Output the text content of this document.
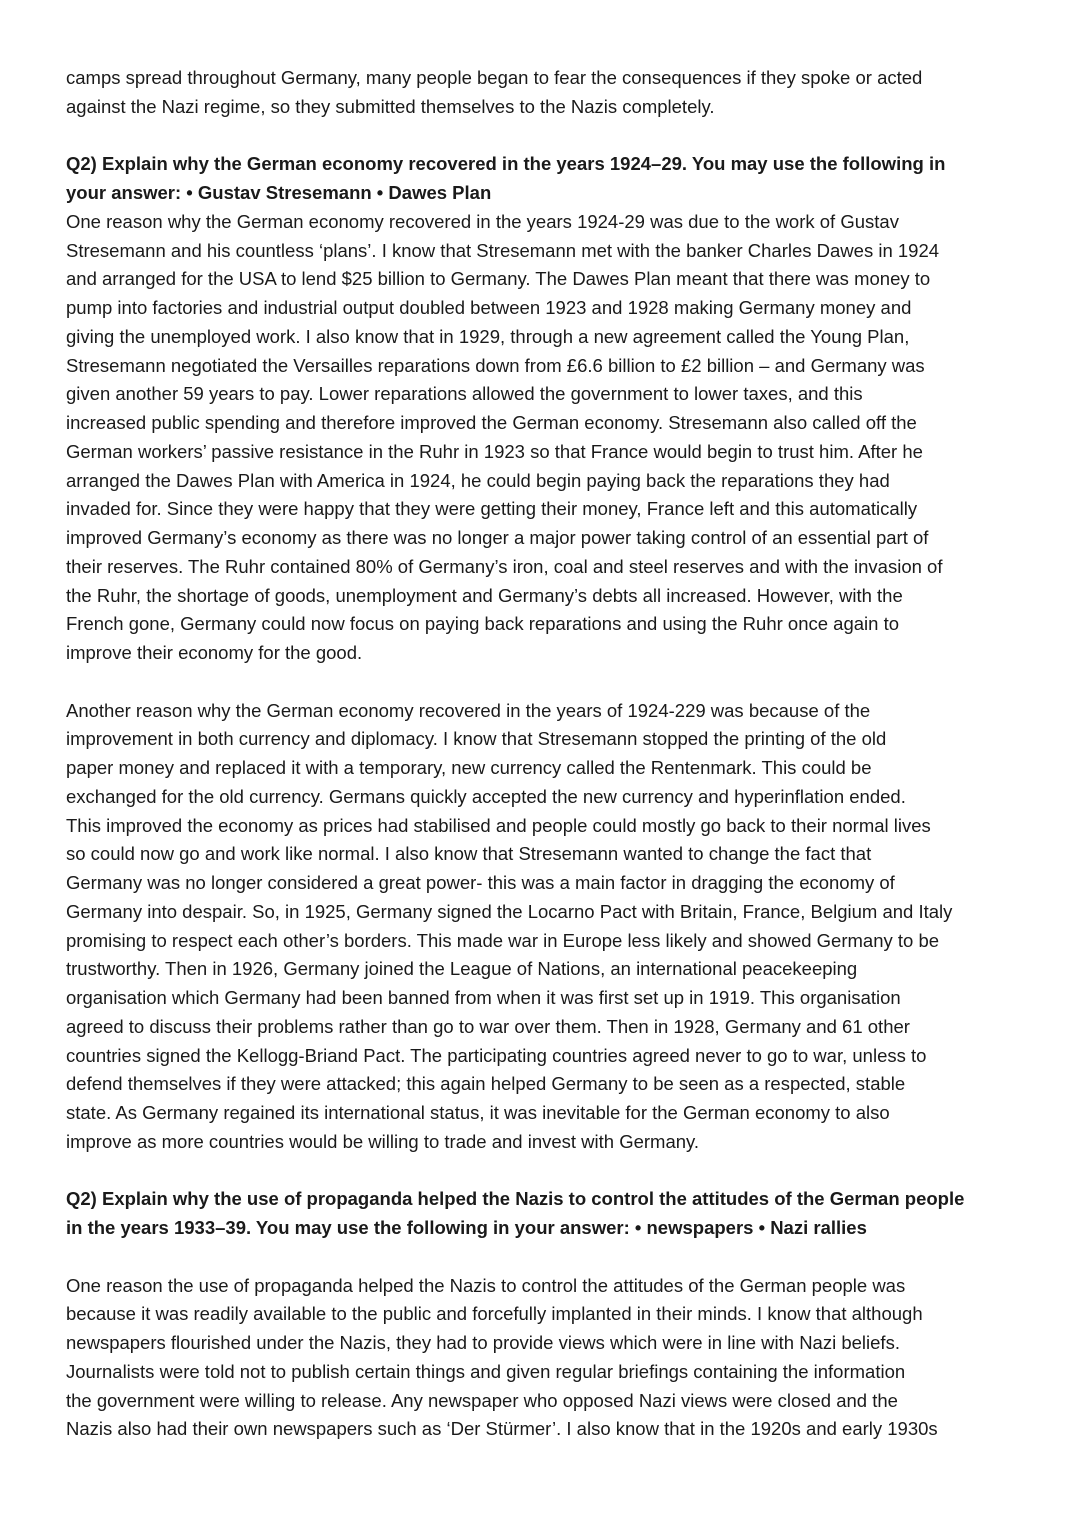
camps spread throughout Germany, many people began to fear the consequences if they spoke or acted

against the Nazi regime, so they submitted themselves to the Nazis completely.

Q2) Explain why the German economy recovered in the years 1924–29. You may use the following in

your answer: • Gustav Stresemann • Dawes Plan

One reason why the German economy recovered in the years 1924-29 was due to the work of Gustav

Stresemann and his countless ‘plans’. I know that Stresemann met with the banker Charles Dawes in 1924

and arranged for the USA to lend $25 billion to Germany. The Dawes Plan meant that there was money to

pump into factories and industrial output doubled between 1923 and 1928 making Germany money and

giving the unemployed work. I also know that in 1929, through a new agreement called the Young Plan,

Stresemann negotiated the Versailles reparations down from £6.6 billion to £2 billion – and Germany was

given another 59 years to pay. Lower reparations allowed the government to lower taxes, and this

increased public spending and therefore improved the German economy. Stresemann also called off the

German workers’ passive resistance in the Ruhr in 1923 so that France would begin to trust him. After he

arranged the Dawes Plan with America in 1924, he could begin paying back the reparations they had

invaded for. Since they were happy that they were getting their money, France left and this automatically

improved Germany’s economy as there was no longer a major power taking control of an essential part of

their reserves. The Ruhr contained 80% of Germany’s iron, coal and steel reserves and with the invasion of

the Ruhr, the shortage of goods, unemployment and Germany’s debts all increased. However, with the

French gone, Germany could now focus on paying back reparations and using the Ruhr once again to

improve their economy for the good.

Another reason why the German economy recovered in the years of 1924-229 was because of the

improvement in both currency and diplomacy. I know that Stresemann stopped the printing of the old

paper money and replaced it with a temporary, new currency called the Rentenmark. This could be

exchanged for the old currency. Germans quickly accepted the new currency and hyperinflation ended.

This improved the economy as prices had stabilised and people could mostly go back to their normal lives

so could now go and work like normal. I also know that Stresemann wanted to change the fact that

Germany was no longer considered a great power- this was a main factor in dragging the economy of

Germany into despair. So, in 1925, Germany signed the Locarno Pact with Britain, France, Belgium and Italy

promising to respect each other’s borders. This made war in Europe less likely and showed Germany to be

trustworthy. Then in 1926, Germany joined the League of Nations, an international peacekeeping

organisation which Germany had been banned from when it was first set up in 1919. This organisation

agreed to discuss their problems rather than go to war over them. Then in 1928, Germany and 61 other

countries signed the Kellogg-Briand Pact. The participating countries agreed never to go to war, unless to

defend themselves if they were attacked; this again helped Germany to be seen as a respected, stable

state. As Germany regained its international status, it was inevitable for the German economy to also

improve as more countries would be willing to trade and invest with Germany.

Q2) Explain why the use of propaganda helped the Nazis to control the attitudes of the German people

in the years 1933–39. You may use the following in your answer: • newspapers • Nazi rallies

One reason the use of propaganda helped the Nazis to control the attitudes of the German people was

because it was readily available to the public and forcefully implanted in their minds. I know that although

newspapers flourished under the Nazis, they had to provide views which were in line with Nazi beliefs.

Journalists were told not to publish certain things and given regular briefings containing the information

the government were willing to release. Any newspaper who opposed Nazi views were closed and the

Nazis also had their own newspapers such as ‘Der Stürmer’. I also know that in the 1920s and early 1930s
